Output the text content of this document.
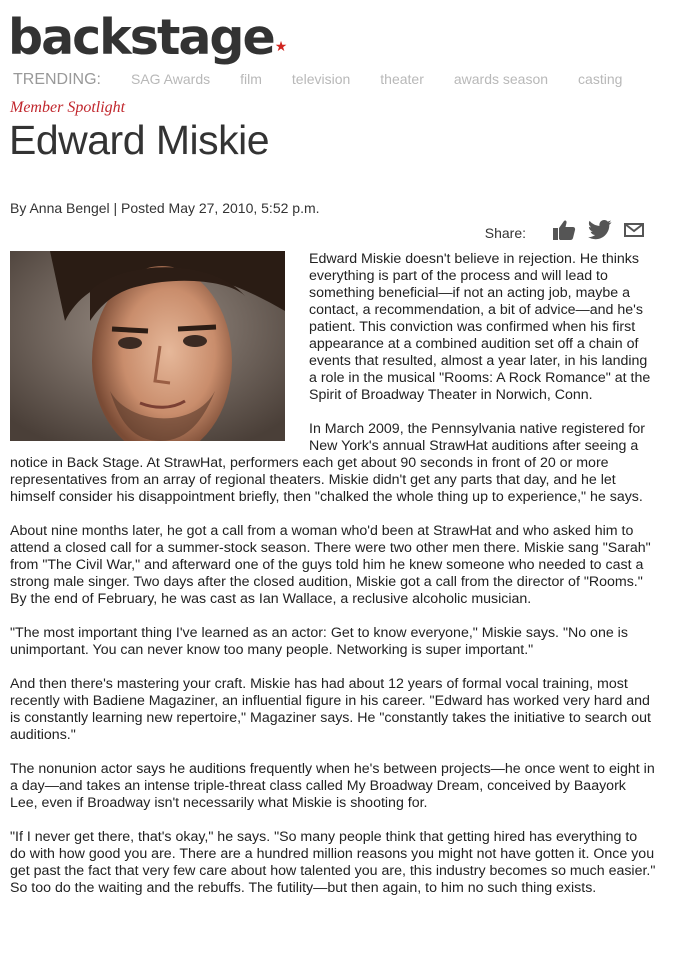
backstage ★
TRENDING: SAG Awards film television theater awards season casting
Member Spotlight
Edward Miskie
By Anna Bengel | Posted May 27, 2010, 5:52 p.m.
Share:

Edward Miskie doesn't believe in rejection. He thinks everything is part of the process and will lead to something beneficial—if not an acting job, maybe a contact, a recommendation, a bit of advice—and he's patient. This conviction was confirmed when his first appearance at a combined audition set off a chain of events that resulted, almost a year later, in his landing a role in the musical "Rooms: A Rock Romance" at the Spirit of Broadway Theater in Norwich, Conn.

In March 2009, the Pennsylvania native registered for New York's annual StrawHat auditions after seeing a notice in Back Stage. At StrawHat, performers each get about 90 seconds in front of 20 or more representatives from an array of regional theaters. Miskie didn't get any parts that day, and he let himself consider his disappointment briefly, then "chalked the whole thing up to experience," he says.

About nine months later, he got a call from a woman who'd been at StrawHat and who asked him to attend a closed call for a summer-stock season. There were two other men there. Miskie sang "Sarah" from "The Civil War," and afterward one of the guys told him he knew someone who needed to cast a strong male singer. Two days after the closed audition, Miskie got a call from the director of "Rooms." By the end of February, he was cast as Ian Wallace, a reclusive alcoholic musician.

"The most important thing I've learned as an actor: Get to know everyone," Miskie says. "No one is unimportant. You can never know too many people. Networking is super important."

And then there's mastering your craft. Miskie has had about 12 years of formal vocal training, most recently with Badiene Magaziner, an influential figure in his career. "Edward has worked very hard and is constantly learning new repertoire," Magaziner says. He "constantly takes the initiative to search out auditions."

The nonunion actor says he auditions frequently when he's between projects—he once went to eight in a day—and takes an intense triple-threat class called My Broadway Dream, conceived by Baayork Lee, even if Broadway isn't necessarily what Miskie is shooting for.

"If I never get there, that's okay," he says. "So many people think that getting hired has everything to do with how good you are. There are a hundred million reasons you might not have gotten it. Once you get past the fact that very few care about how talented you are, this industry becomes so much easier." So too do the waiting and the rebuffs. The futility—but then again, to him no such thing exists.
